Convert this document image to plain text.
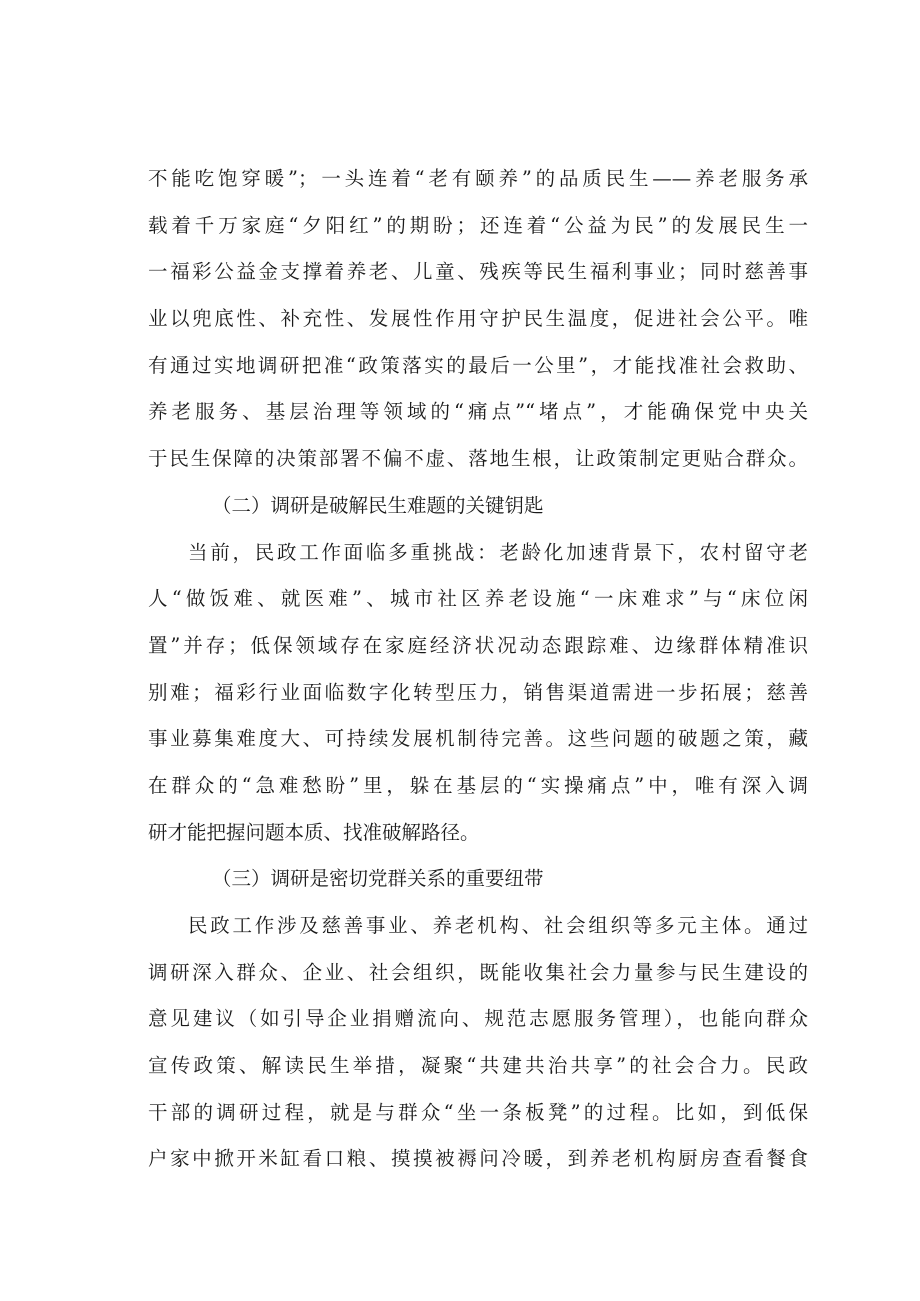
不能吃饱穿暖”；一头连着“老有颐养”的品质民生——养老服务承
载着千万家庭“夕阳红”的期盼；还连着“公益为民”的发展民生一
一福彩公益金支撑着养老、儿童、残疾等民生福利事业；同时慈善事
业以兜底性、补充性、发展性作用守护民生温度，促进社会公平。唯
有通过实地调研把准“政策落实的最后一公里”，才能找准社会救助、
养老服务、基层治理等领域的“痛点”“堵点”，才能确保党中央关
于民生保障的决策部署不偏不虚、落地生根，让政策制定更贴合群众。
（二）调研是破解民生难题的关键钥匙
当前，民政工作面临多重挑战：老龄化加速背景下，农村留守老
人“做饭难、就医难”、城市社区养老设施“一床难求”与“床位闲
置”并存；低保领域存在家庭经济状况动态跟踪难、边缘群体精准识
别难；福彩行业面临数字化转型压力，销售渠道需进一步拓展；慈善
事业募集难度大、可持续发展机制待完善。这些问题的破题之策，藏
在群众的“急难愁盼”里，躲在基层的“实操痛点”中，唯有深入调
研才能把握问题本质、找准破解路径。
（三）调研是密切党群关系的重要纽带
民政工作涉及慈善事业、养老机构、社会组织等多元主体。通过
调研深入群众、企业、社会组织，既能收集社会力量参与民生建设的
意见建议（如引导企业捐赠流向、规范志愿服务管理），也能向群众
宣传政策、解读民生举措，凝聚“共建共治共享”的社会合力。民政
干部的调研过程，就是与群众“坐一条板凳”的过程。比如，到低保
户家中掀开米缸看口粮、摸摸被褥问冷暖，到养老机构厨房查看餐食
